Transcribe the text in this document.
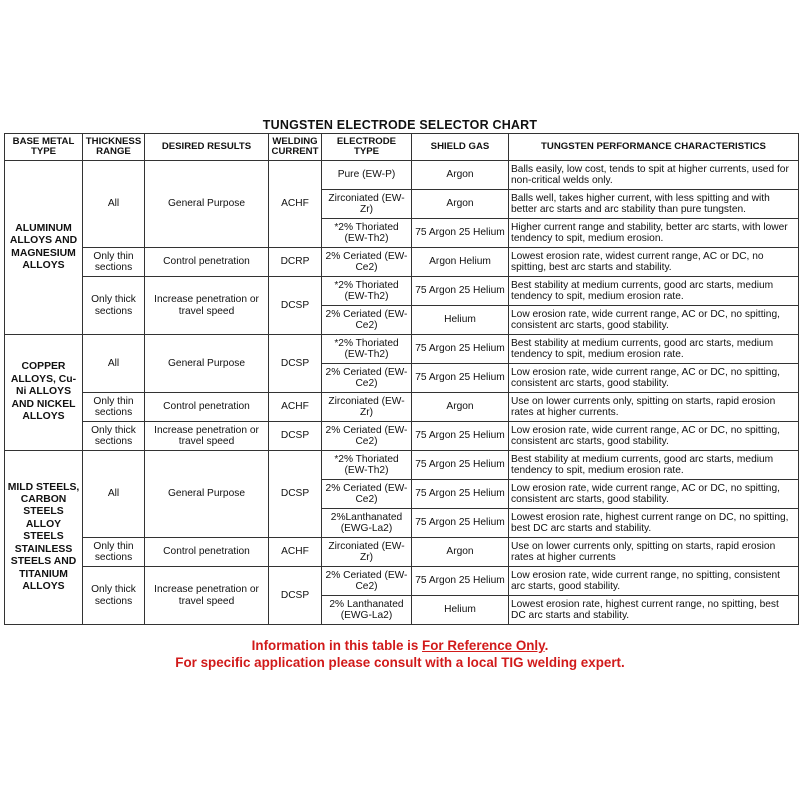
TUNGSTEN ELECTRODE SELECTOR CHART
BASE METAL TYPE	THICKNESS RANGE	DESIRED RESULTS	WELDING CURRENT	ELECTRODE TYPE	SHIELD GAS	TUNGSTEN PERFORMANCE CHARACTERISTICS
ALUMINUM ALLOYS AND MAGNESIUM ALLOYS	All	General Purpose	ACHF	Pure (EW-P)	Argon	Balls easily, low cost, tends to spit at higher currents, used for non-critical welds only.
				Zirconiated (EW-Zr)	Argon	Balls well, takes higher current, with less spitting and with better arc starts and arc stability than pure tungsten.
				*2% Thoriated (EW-Th2)	75 Argon 25 Helium	Higher current range and stability, better arc starts, with lower tendency to spit, medium erosion.
	Only thin sections	Control penetration	DCRP	2% Ceriated (EW-Ce2)	Argon Helium	Lowest erosion rate, widest current range, AC or DC, no spitting, best arc starts and stability.
	Only thick sections	Increase penetration or travel speed	DCSP	*2% Thoriated (EW-Th2)	75 Argon 25 Helium	Best stability at medium currents, good arc starts, medium tendency to spit, medium erosion rate.
				2% Ceriated (EW-Ce2)	Helium	Low erosion rate, wide current range, AC or DC, no spitting, consistent arc starts, good stability.
COPPER ALLOYS, Cu-Ni ALLOYS AND NICKEL ALLOYS	All	General Purpose	DCSP	*2% Thoriated (EW-Th2)	75 Argon 25 Helium	Best stability at medium currents, good arc starts, medium tendency to spit, medium erosion rate.
				2% Ceriated (EW-Ce2)	75 Argon 25 Helium	Low erosion rate, wide current range, AC or DC, no spitting, consistent arc starts, good stability.
	Only thin sections	Control penetration	ACHF	Zirconiated (EW-Zr)	Argon	Use on lower currents only, spitting on starts, rapid erosion rates at higher currents.
	Only thick sections	Increase penetration or travel speed	DCSP	2% Ceriated (EW-Ce2)	75 Argon 25 Helium	Low erosion rate, wide current range, AC or DC, no spitting, consistent arc starts, good stability.
MILD STEELS, CARBON STEELS ALLOY STEELS STAINLESS STEELS AND TITANIUM ALLOYS	All	General Purpose	DCSP	*2% Thoriated (EW-Th2)	75 Argon 25 Helium	Best stability at medium currents, good arc starts, medium tendency to spit, medium erosion rate.
				2% Ceriated (EW-Ce2)	75 Argon 25 Helium	Low erosion rate, wide current range, AC or DC, no spitting, consistent arc starts, good stability.
				2%Lanthanated (EWG-La2)	75 Argon 25 Helium	Lowest erosion rate, highest current range on DC, no spitting, best DC arc starts and stability.
	Only thin sections	Control penetration	ACHF	Zirconiated (EW-Zr)	Argon	Use on lower currents only, spitting on starts, rapid erosion rates at higher currents
	Only thick sections	Increase penetration or travel speed	DCSP	2% Ceriated (EW-Ce2)	75 Argon 25 Helium	Low erosion rate, wide current range, no spitting, consistent arc starts, good stability.
				2% Lanthanated (EWG-La2)	Helium	Lowest erosion rate, highest current range, no spitting, best DC arc starts and stability.
Information in this table is For Reference Only.
For specific application please consult with a local TIG welding expert.
